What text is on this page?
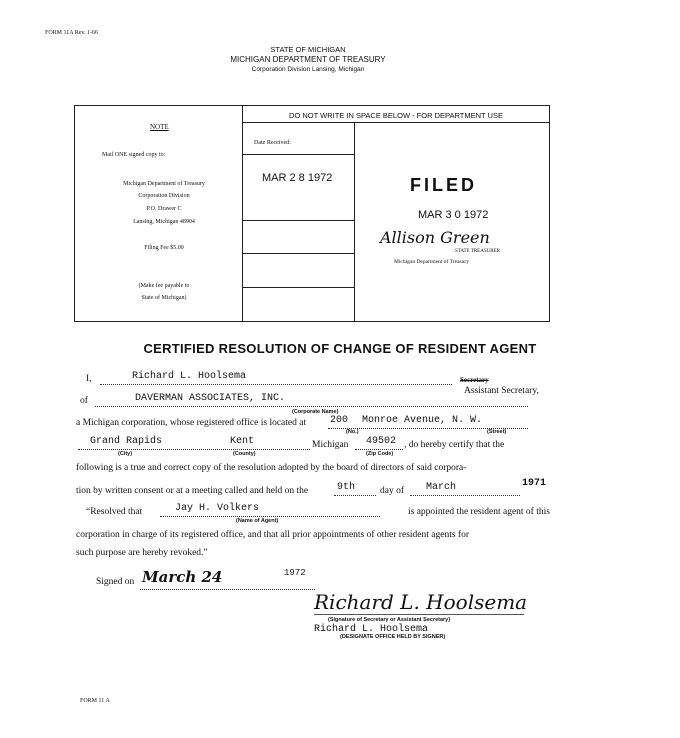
FORM 11A Rev. 1-66
STATE OF MICHIGAN
MICHIGAN DEPARTMENT OF TREASURY
Corporation Division Lansing, Michigan
NOTE
Mail ONE signed copy to:
Michigan Department of Treasury
Corporation Division
P.O. Drawer C
Lansing, Michigan 48904
Filing Fee $5.00
(Make fee payable to
State of Michigan)
DO NOT WRITE IN SPACE BELOW - FOR DEPARTMENT USE
Date Received:
MAR 2 8 1972	FILED
MAR 3 0 1972
Allison Green
STATE TREASURER
Michigan Department of Treasury
CERTIFIED RESOLUTION OF CHANGE OF RESIDENT AGENT
I,	Richard L. Hoolsema	Secretary
Assistant Secretary,
of	DAVERMAN ASSOCIATES, INC.
(Corporate Name)
a Michigan corporation, whose registered office is located at 200 Monroe Avenue, N. W.
(No.)	(Street)
Grand Rapids	Kent	Michigan 49502 , do hereby certify that the
(City)	(County)	(Zip Code)
following is a true and correct copy of the resolution adopted by the board of directors of said corpora-
tion by written consent or at a meeting called and held on the	9th	day of March	1971
“Resolved that	Jay H. Volkers	is appointed the resident agent of this
(Name of Agent)
corporation in charge of its registered office, and that all prior appointments of other resident agents for
such purpose are hereby revoked.”
Signed on March 24	1972
Richard L. Hoolsema
(Signature of Secretary or Assistant Secretary)
Richard L. Hoolsema
(DESIGNATE OFFICE HELD BY SIGNER)
FORM 11 A
